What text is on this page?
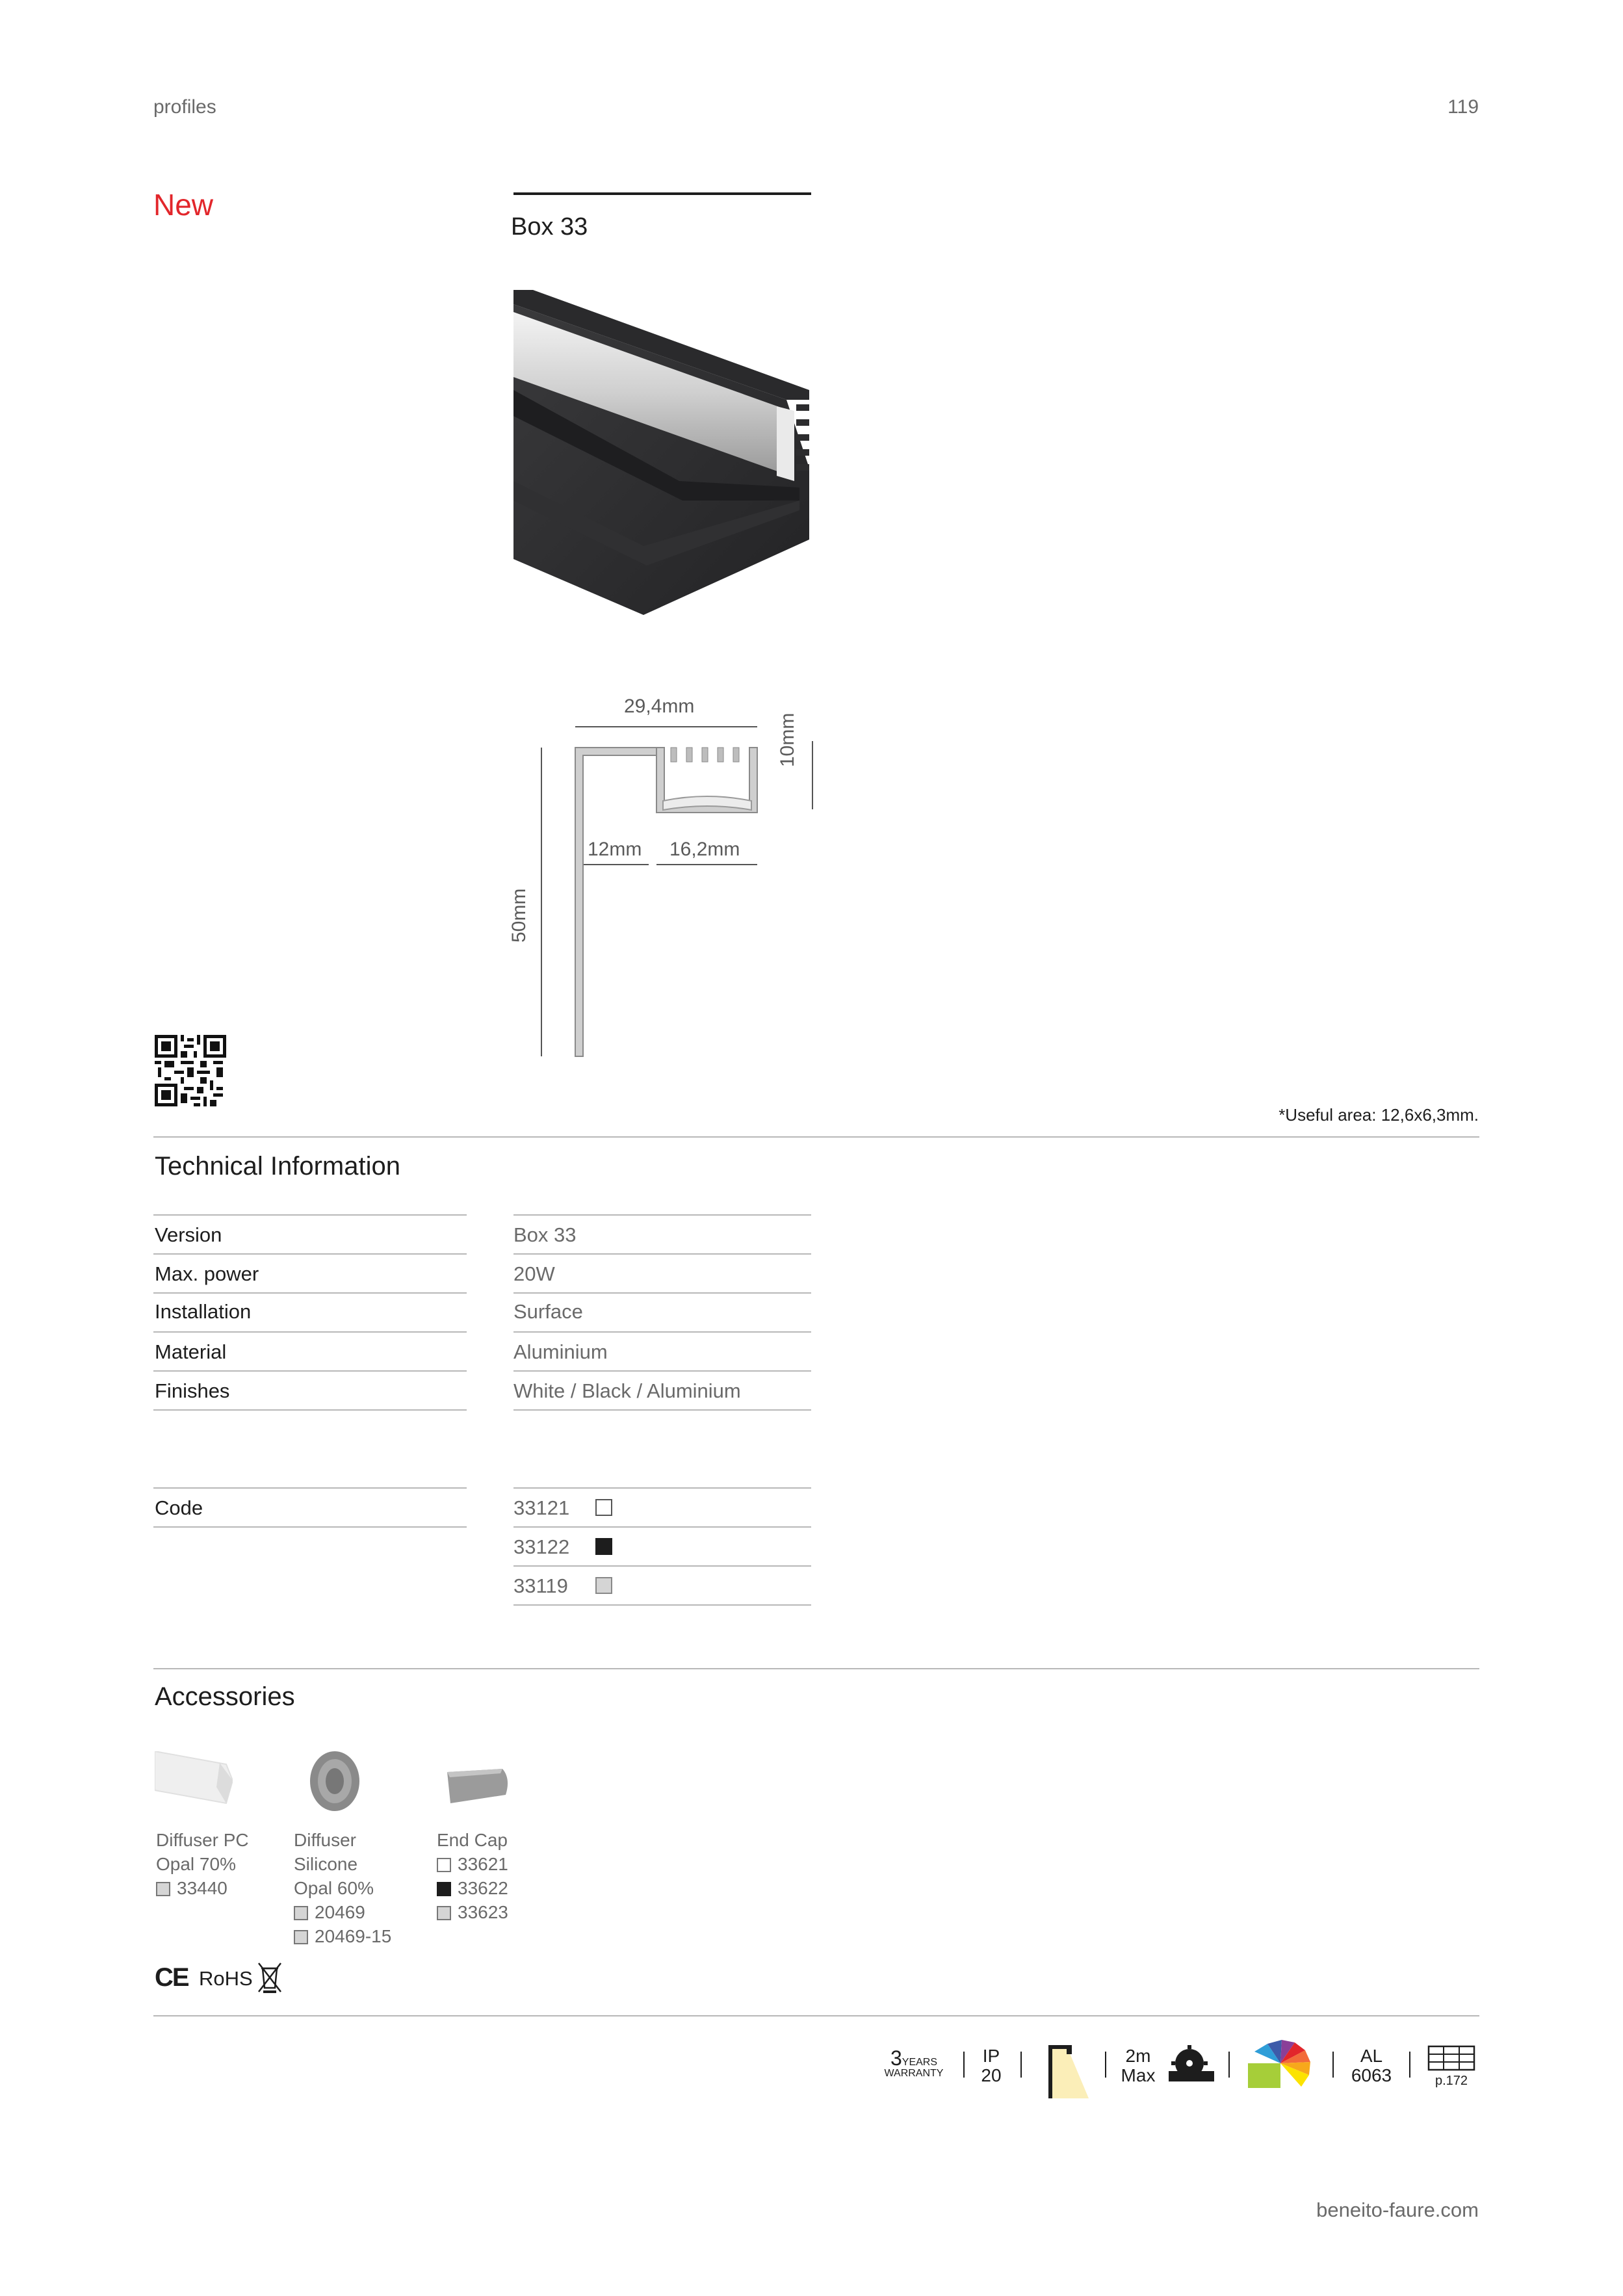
profiles	119
New
Box 33
29,4mm
10mm
12mm 16,2mm
50mm
*Useful area: 12,6x6,3mm.
Technical Information
Version	Box 33
Max. power	20W
Installation	Surface
Material	Aluminium
Finishes	White / Black / Aluminium
Code	33121
33122
33119
Accessories
Diffuser PC
Opal 70%
33440
Diffuser
Silicone
Opal 60%
20469
20469-15
End Cap
33621
33622
33623
CE RoHS
3YEARS
WARRANTY
IP
20
2m
Max
AL
6063	p.172
beneito-faure.com
